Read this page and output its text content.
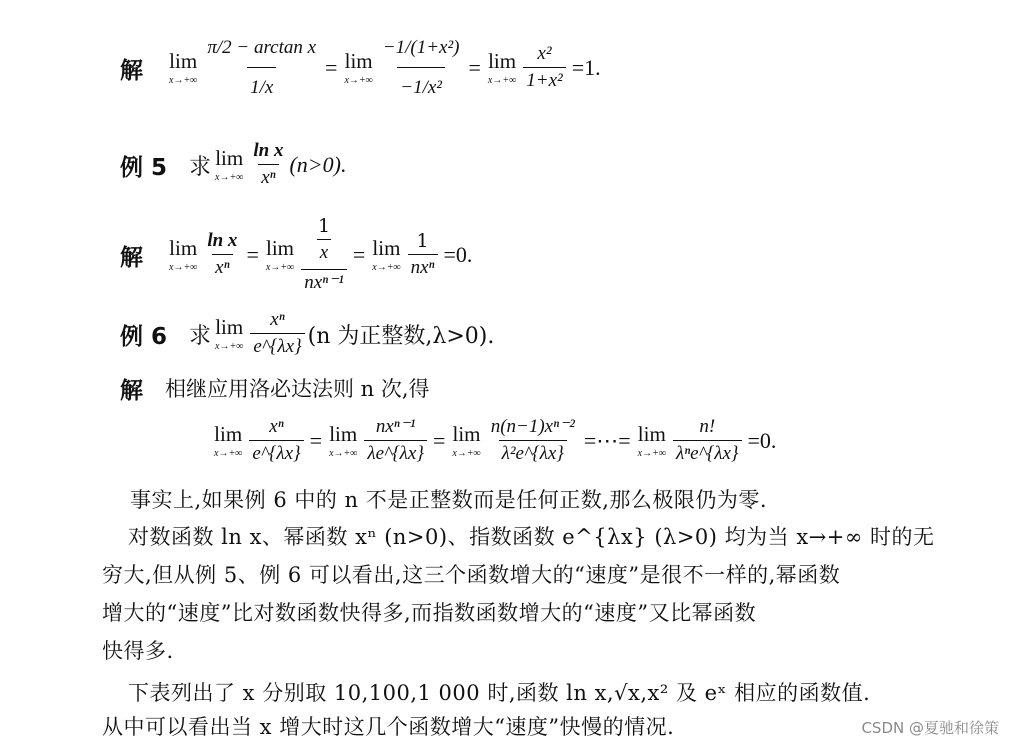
解 lim
$x\to+\infty \frac{\text{π/2 − arctan x}}{1/x} = \lim$
$x\to+\infty \frac{\text{−1/(1+x²)}}{\text{−1/x²}} = \lim$
$x\to+\infty \frac{\text{x²}}{\text{1+x²}} =1$.
例 5 求 lim
$x\to+\infty \frac{\text{ln x}}{\text{xⁿ}} (n>0)$.
解 lim
$x\to+\infty \frac{\text{ln x}}{\text{xⁿ}} = \lim$
$x\to+\infty \frac{\frac{1}{x}}{\text{nxⁿ⁻¹}} = \lim$
$x\to+\infty \frac{1}{\text{nxⁿ}} =0$.
例 6 求 lim
$x\to+\infty \frac{\text{xⁿ}}{e\^{}\{\lambda x\}} (n$ 为正整数,λ>0).
解 相继应用洛必达法则 n 次,得
lim
$x\to+\infty \frac{\text{xⁿ}}{e\^{}\{\lambda x\}} = \lim$
$x\to+\infty \frac{\text{nxⁿ⁻¹}}{\lambda e\^{}\{\lambda x\}} = \lim$
$x\to+\infty \frac{\text{n(n−1)xⁿ⁻²}}{\text{λ²e\textasciicircum{}\{λx\}}}$ =⋯= lim
$x\to+\infty \frac{n!}{\text{λⁿe\textasciicircum{}\{λx\}}} =0$.
事实上,如果例 6 中的 n 不是正整数而是任何正数,那么极限仍为零.
对数函数 ln x、幂函数 xⁿ (n>0)、指数函数 e^{λx} (λ>0) 均为当 x→+∞ 时的无
穷大,但从例 5、例 6 可以看出,这三个函数增大的“速度”是很不一样的,幂函数
增大的“速度”比对数函数快得多,而指数函数增大的“速度”又比幂函数
快得多.
下表列出了 x 分别取 10,100,1 000 时,函数 ln x,√x,x² 及 eˣ 相应的函数值.
从中可以看出当 x 增大时这几个函数增大“速度”快慢的情况.	CSDN @夏驰和徐策
